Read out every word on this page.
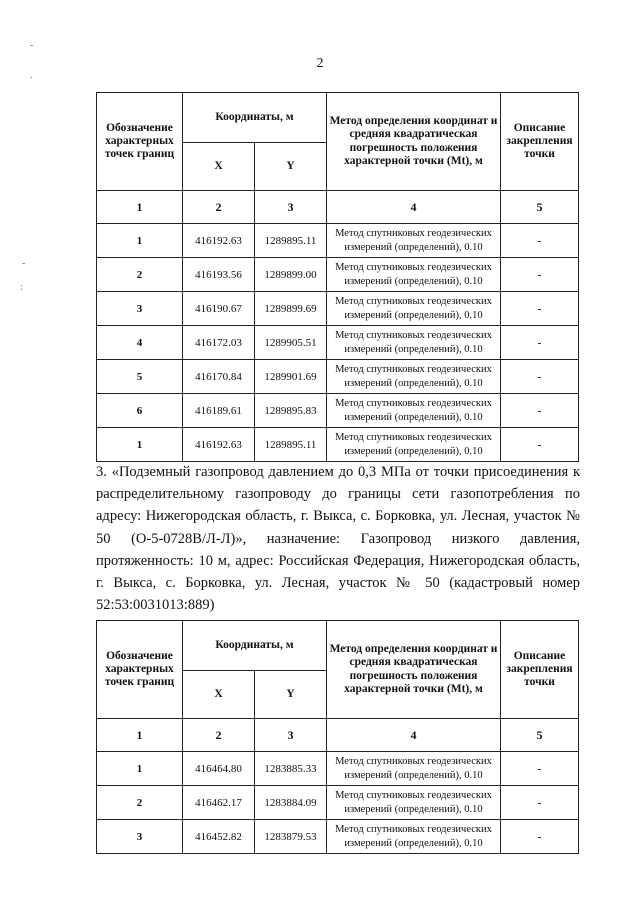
2
-
.
-
:
Обозначение характерных точек границ	Координаты, м		Метод определения координат и средняя квадратическая погрешность положения характерной точки (Mt), м	Описание закрепления точки
	X	Y		
1	2	3	4	5
1	416192.63	1289895.11	Метод спутниковых геодезических измерений (определений), 0.10	-
2	416193.56	1289899.00	Метод спутниковых геодезических измерений (определений), 0.10	-
3	416190.67	1289899.69	Метод спутниковых геодезических измерений (определений), 0.10	-
4	416172.03	1289905.51	Метод спутниковых геодезических измерений (определений), 0.10	-
5	416170.84	1289901.69	Метод спутниковых геодезических измерений (определений), 0.10	-
6	416189.61	1289895.83	Метод спутниковых геодезических измерений (определений), 0.10	-
1	416192.63	1289895.11	Метод спутниковых геодезических измерений (определений), 0.10	-
3. «Подземный газопровод давлением до 0,3 МПа от точки присоединения к распределительному газопроводу до границы сети газопотребления по адресу: Нижегородская область, г. Выкса, с. Борковка, ул. Лесная, участок № 50 (О-5-0728В/Л-Л)», назначение: Газопровод низкого давления, протяженность: 10 м, адрес: Российская Федерация, Нижегородская область, г. Выкса, с. Борковка, ул. Лесная, участок № 50 (кадастровый номер 52:53:0031013:889)
Обозначение характерных точек границ	Координаты, м		Метод определения координат и средняя квадратическая погрешность положения характерной точки (Mt), м	Описание закрепления точки
	X	Y		
1	2	3	4	5
1	416464.80	1283885.33	Метод спутниковых геодезических измерений (определений), 0.10	-
2	416462.17	1283884.09	Метод спутниковых геодезических измерений (определений), 0.10	-
3	416452.82	1283879.53	Метод спутниковых геодезических измерений (определений), 0.10	-
